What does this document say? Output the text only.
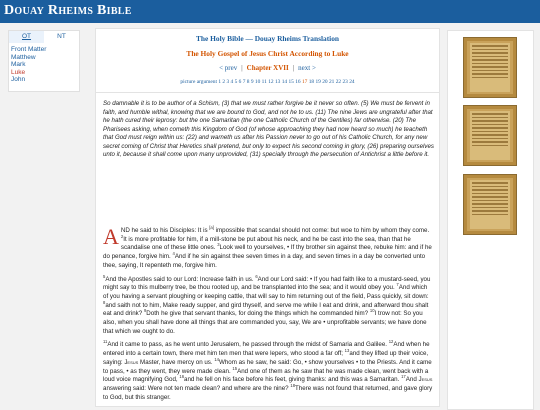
Douay Rheims Bible
OT	NT
Front Matter
Matthew
Mark
Luke
John
The Holy Bible — Douay Rheims Translation
The Holy Gospel of Jesus Christ According to Luke
< prev | Chapter XVII | next >
picture argument 1 2 3 4 5 6 7 8 9 10 11 12 13 14 15 16 17 18 19 20 21 22 23 24
So damnable it is to be author of a Schism, (3) that we must rather forgive be it never so often. (5) We must be fervent in faith, and humble withal, knowing that we are bound to God, and not he to us. (11) The nine Jews are ungrateful after that he hath cured their leprosy: but the one Samaritan (the one Catholic Church of the Gentiles) far otherwise. (20) The Pharisees asking, when cometh this Kingdom of God (of whose approaching they had now heard so much) he teacheth that God must reign within us: (22) and warneth us after his Passion never to go out of his Catholic Church, for any new secret coming of Christ that Heretics shall pretend, but only to expect his second coming in glory, (26) preparing ourselves unto it, because it shall come upon many unprovided, (31) specially through the persecution of Antichrist a little before it.

AND he said to his Disciples: It is [a] impossible that scandal should not come: but woe to him by whom they come. $^2$It is more profitable for him, if a mill-stone be put about his neck, and he be cast into the sea, than that he scandalise one of these little ones. $^3$Look well to yourselves, • If thy brother sin against thee, rebuke him: and if he do penance, forgive him. $^4$And if he sin against thee seven times in a day, and seven times in a day be converted unto thee, saying, It repenteth me, forgive him.

$^5$And the Apostles said to our Lord: Increase faith in us. $^6$And our Lord said: • If you had faith like to a mustard-seed, you might say to this mulberry tree, be thou rooted up, and be transplanted into the sea; and it would obey you. $^7$And which of you having a servant ploughing or keeping cattle, that will say to him returning out of the field, Pass quickly, sit down: $^8$and saith not to him, Make ready supper, and gird thyself, and serve me while I eat and drink, and afterward thou shalt eat and drink? $^9$Doth he give that servant thanks, for doing the things which he commanded him? $^{10}$I trow not: So you also, when you shall have done all things that are commanded you, say, We are • unprofitable servants; we have done that which we ought to do.

$^{11}$And it came to pass, as he went unto Jerusalem, he passed through the midst of Samaria and Galilee. $^{12}$And when he entered into a certain town, there met him ten men that were lepers, who stood a far off; $^{13}$and they lifted up their voice, saying: Jesus Master, have mercy on us. $^{14}$Whom as he saw, he said: Go, • show yourselves • to the Priests. And it came to pass, • as they went, they were made clean. $^{15}$And one of them as he saw that he was made clean, went back with a loud voice magnifying God, $^{16}$and he fell on his face before his feet, giving thanks: and this was a Samaritan. $^{17}$And Jesus answering said: Were not ten made clean? and where are the nine? $^{18}$There was not found that returned, and gave glory to God, but this stranger.
